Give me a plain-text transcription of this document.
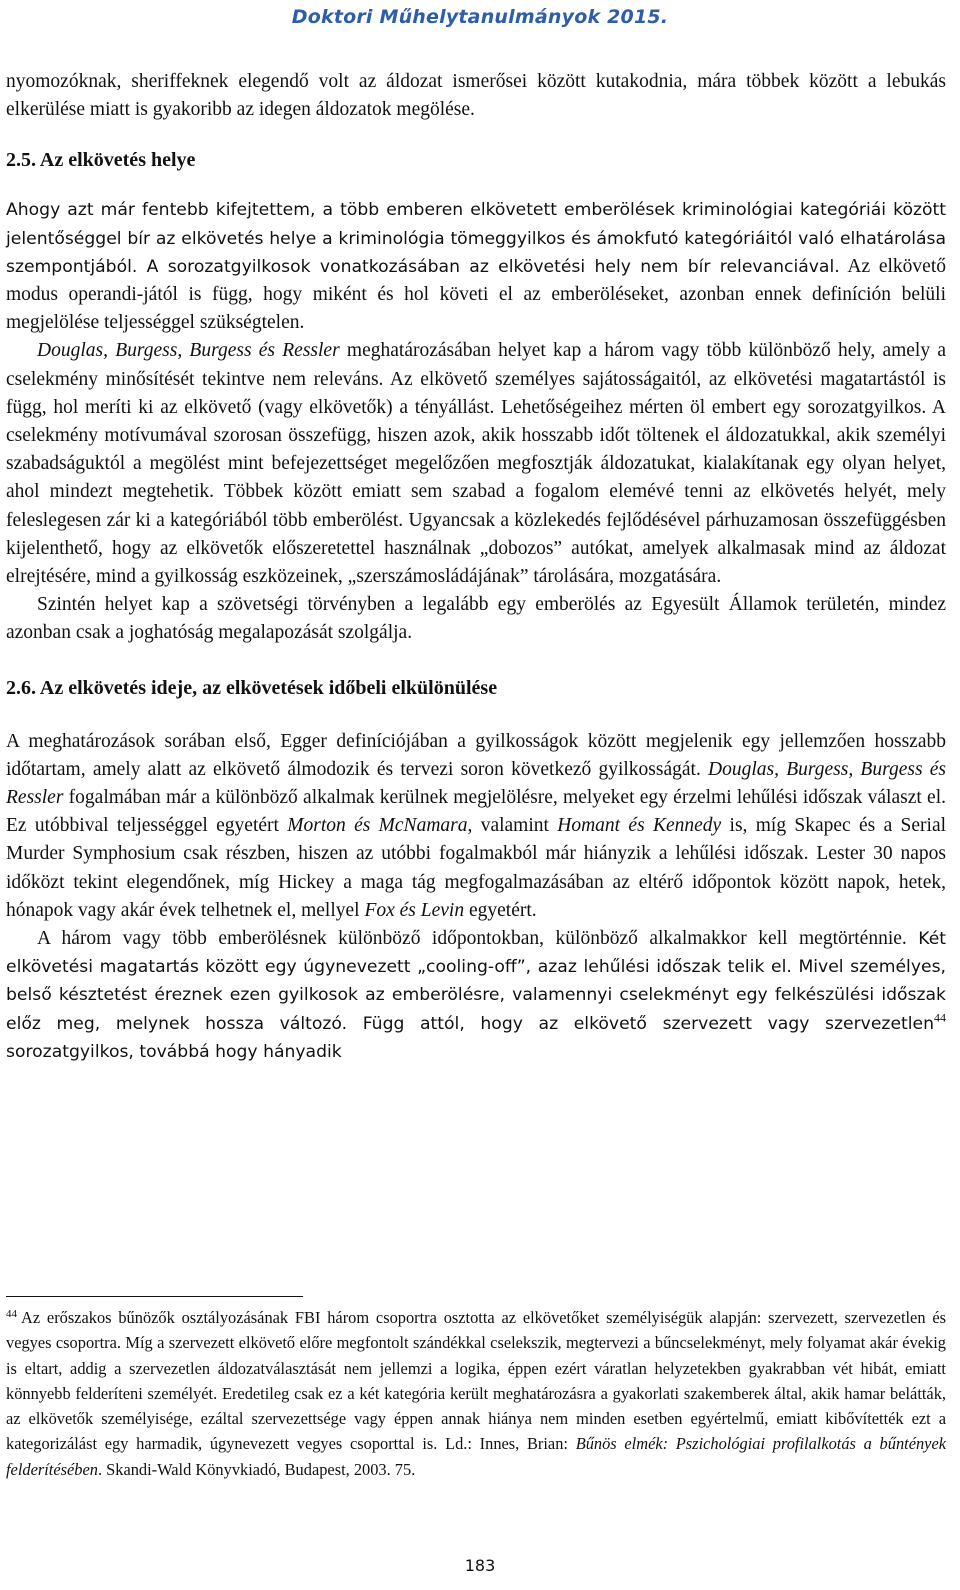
Doktori Műhelytanulmányok 2015.

nyomozóknak, sheriffeknek elegendő volt az áldozat ismerősei között kutakodnia, mára többek között a lebukás elkerülése miatt is gyakoribb az idegen áldozatok megölése.

2.5. Az elkövetés helye

Ahogy azt már fentebb kifejtettem, a több emberen elkövetett emberölések kriminológiai kategóriái között jelentőséggel bír az elkövetés helye a kriminológia tömeggyilkos és ámokfutó kategóriáitól való elhatárolása szempontjából. A sorozatgyilkosok vonatkozásában az elkövetési hely nem bír relevanciával. Az elkövető modus operandi-jától is függ, hogy miként és hol követi el az emberöléseket, azonban ennek definíción belüli megjelölése teljességgel szükségtelen.

Douglas, Burgess, Burgess és Ressler meghatározásában helyet kap a három vagy több különböző hely, amely a cselekmény minősítését tekintve nem releváns. Az elkövető személyes sajátosságaitól, az elkövetési magatartástól is függ, hol meríti ki az elkövető (vagy elkövetők) a tényállást. Lehetőségeihez mérten öl embert egy sorozatgyilkos. A cselekmény motívumával szorosan összefügg, hiszen azok, akik hosszabb időt töltenek el áldozatukkal, akik személyi szabadságuktól a megölést mint befejezettséget megelőzően megfosztják áldozatukat, kialakítanak egy olyan helyet, ahol mindezt megtehetik. Többek között emiatt sem szabad a fogalom elemévé tenni az elkövetés helyét, mely feleslegesen zár ki a kategóriából több emberölést. Ugyancsak a közlekedés fejlődésével párhuzamosan összefüggésben kijelenthető, hogy az elkövetők előszeretettel használnak „dobozos” autókat, amelyek alkalmasak mind az áldozat elrejtésére, mind a gyilkosság eszközeinek, „szerszámosládájának” tárolására, mozgatására.

Szintén helyet kap a szövetségi törvényben a legalább egy emberölés az Egyesült Államok területén, mindez azonban csak a joghatóság megalapozását szolgálja.

2.6. Az elkövetés ideje, az elkövetések időbeli elkülönülése

A meghatározások sorában első, Egger definíciójában a gyilkosságok között megjelenik egy jellemzően hosszabb időtartam, amely alatt az elkövető álmodozik és tervezi soron következő gyilkosságát. Douglas, Burgess, Burgess és Ressler fogalmában már a különböző alkalmak kerülnek megjelölésre, melyeket egy érzelmi lehűlési időszak választ el. Ez utóbbival teljességgel egyetért Morton és McNamara, valamint Homant és Kennedy is, míg Skapec és a Serial Murder Symphosium csak részben, hiszen az utóbbi fogalmakból már hiányzik a lehűlési időszak. Lester 30 napos időközt tekint elegendőnek, míg Hickey a maga tág megfogalmazásában az eltérő időpontok között napok, hetek, hónapok vagy akár évek telhetnek el, mellyel Fox és Levin egyetért.

A három vagy több emberölésnek különböző időpontokban, különböző alkalmakkor kell megtörténnie. Két elkövetési magatartás között egy úgynevezett „cooling-off”, azaz lehűlési időszak telik el. Mivel személyes, belső késztetést éreznek ezen gyilkosok az emberölésre, valamennyi cselekményt egy felkészülési időszak előz meg, melynek hossza változó. Függ attól, hogy az elkövető szervezett vagy szervezetlen$^{44}$ sorozatgyilkos, továbbá hogy hányadik

$^{44}$ Az erőszakos bűnözők osztályozásának FBI három csoportra osztotta az elkövetőket személyiségük alapján: szervezett, szervezetlen és vegyes csoportra. Míg a szervezett elkövető előre megfontolt szándékkal cselekszik, megtervezi a bűncselekményt, mely folyamat akár évekig is eltart, addig a szervezetlen áldozatválasztását nem jellemzi a logika, éppen ezért váratlan helyzetekben gyakrabban vét hibát, emiatt könnyebb felderíteni személyét. Eredetileg csak ez a két kategória került meghatározásra a gyakorlati szakemberek által, akik hamar belátták, az elkövetők személyisége, ezáltal szervezettsége vagy éppen annak hiánya nem minden esetben egyértelmű, emiatt kibővítették ezt a kategorizálást egy harmadik, úgynevezett vegyes csoporttal is. Ld.: Innes, Brian: Bűnös elmék: Pszichológiai profilalkotás a bűntények felderítésében. Skandi-Wald Könyvkiadó, Budapest, 2003. 75.

183
